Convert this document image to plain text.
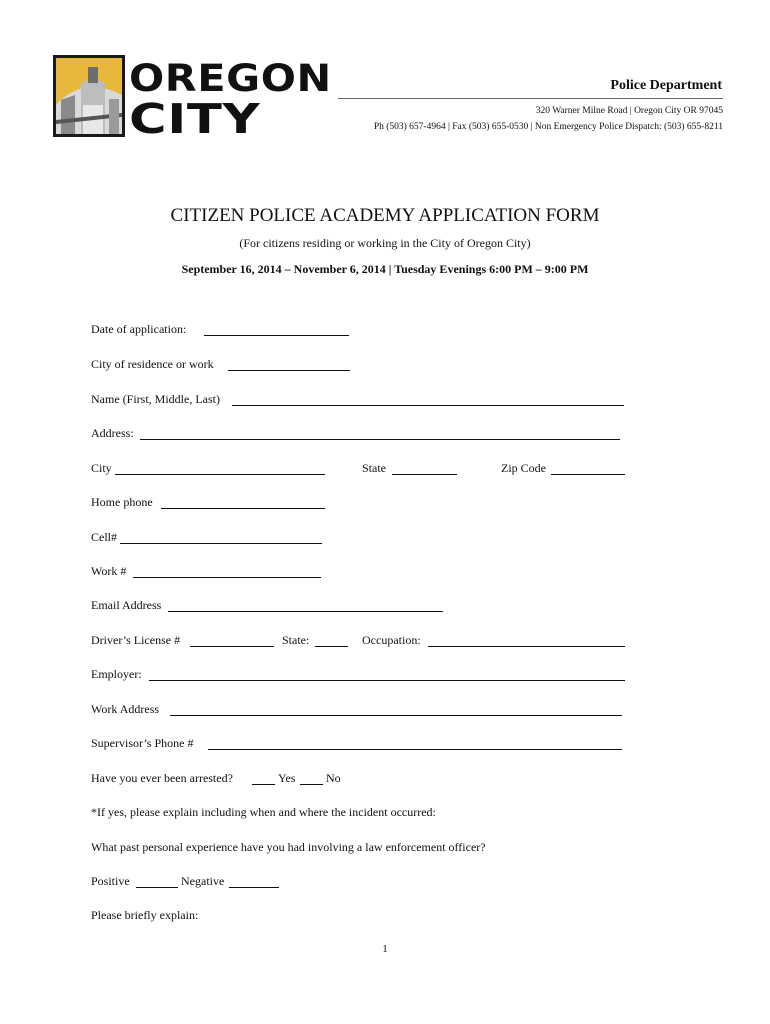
OREGON
CITY
Police Department
320 Warner Milne Road | Oregon City OR 97045
Ph (503) 657-4964 | Fax (503) 655-0530 | Non Emergency Police Dispatch: (503) 655-8211
CITIZEN POLICE ACADEMY APPLICATION FORM
(For citizens residing or working in the City of Oregon City)
September 16, 2014 – November 6, 2014 | Tuesday Evenings 6:00 PM – 9:00 PM
Date of application:
City of residence or work
Name (First, Middle, Last)
Address:
City	State	Zip Code
Home phone
Cell#
Work #
Email Address
Driver’s License #	State:	Occupation:
Employer:
Work Address
Supervisor’s Phone #
Have you ever been arrested?	Yes	No
*If yes, please explain including when and where the incident occurred:
What past personal experience have you had involving a law enforcement officer?
Positive	Negative
Please briefly explain:
1
